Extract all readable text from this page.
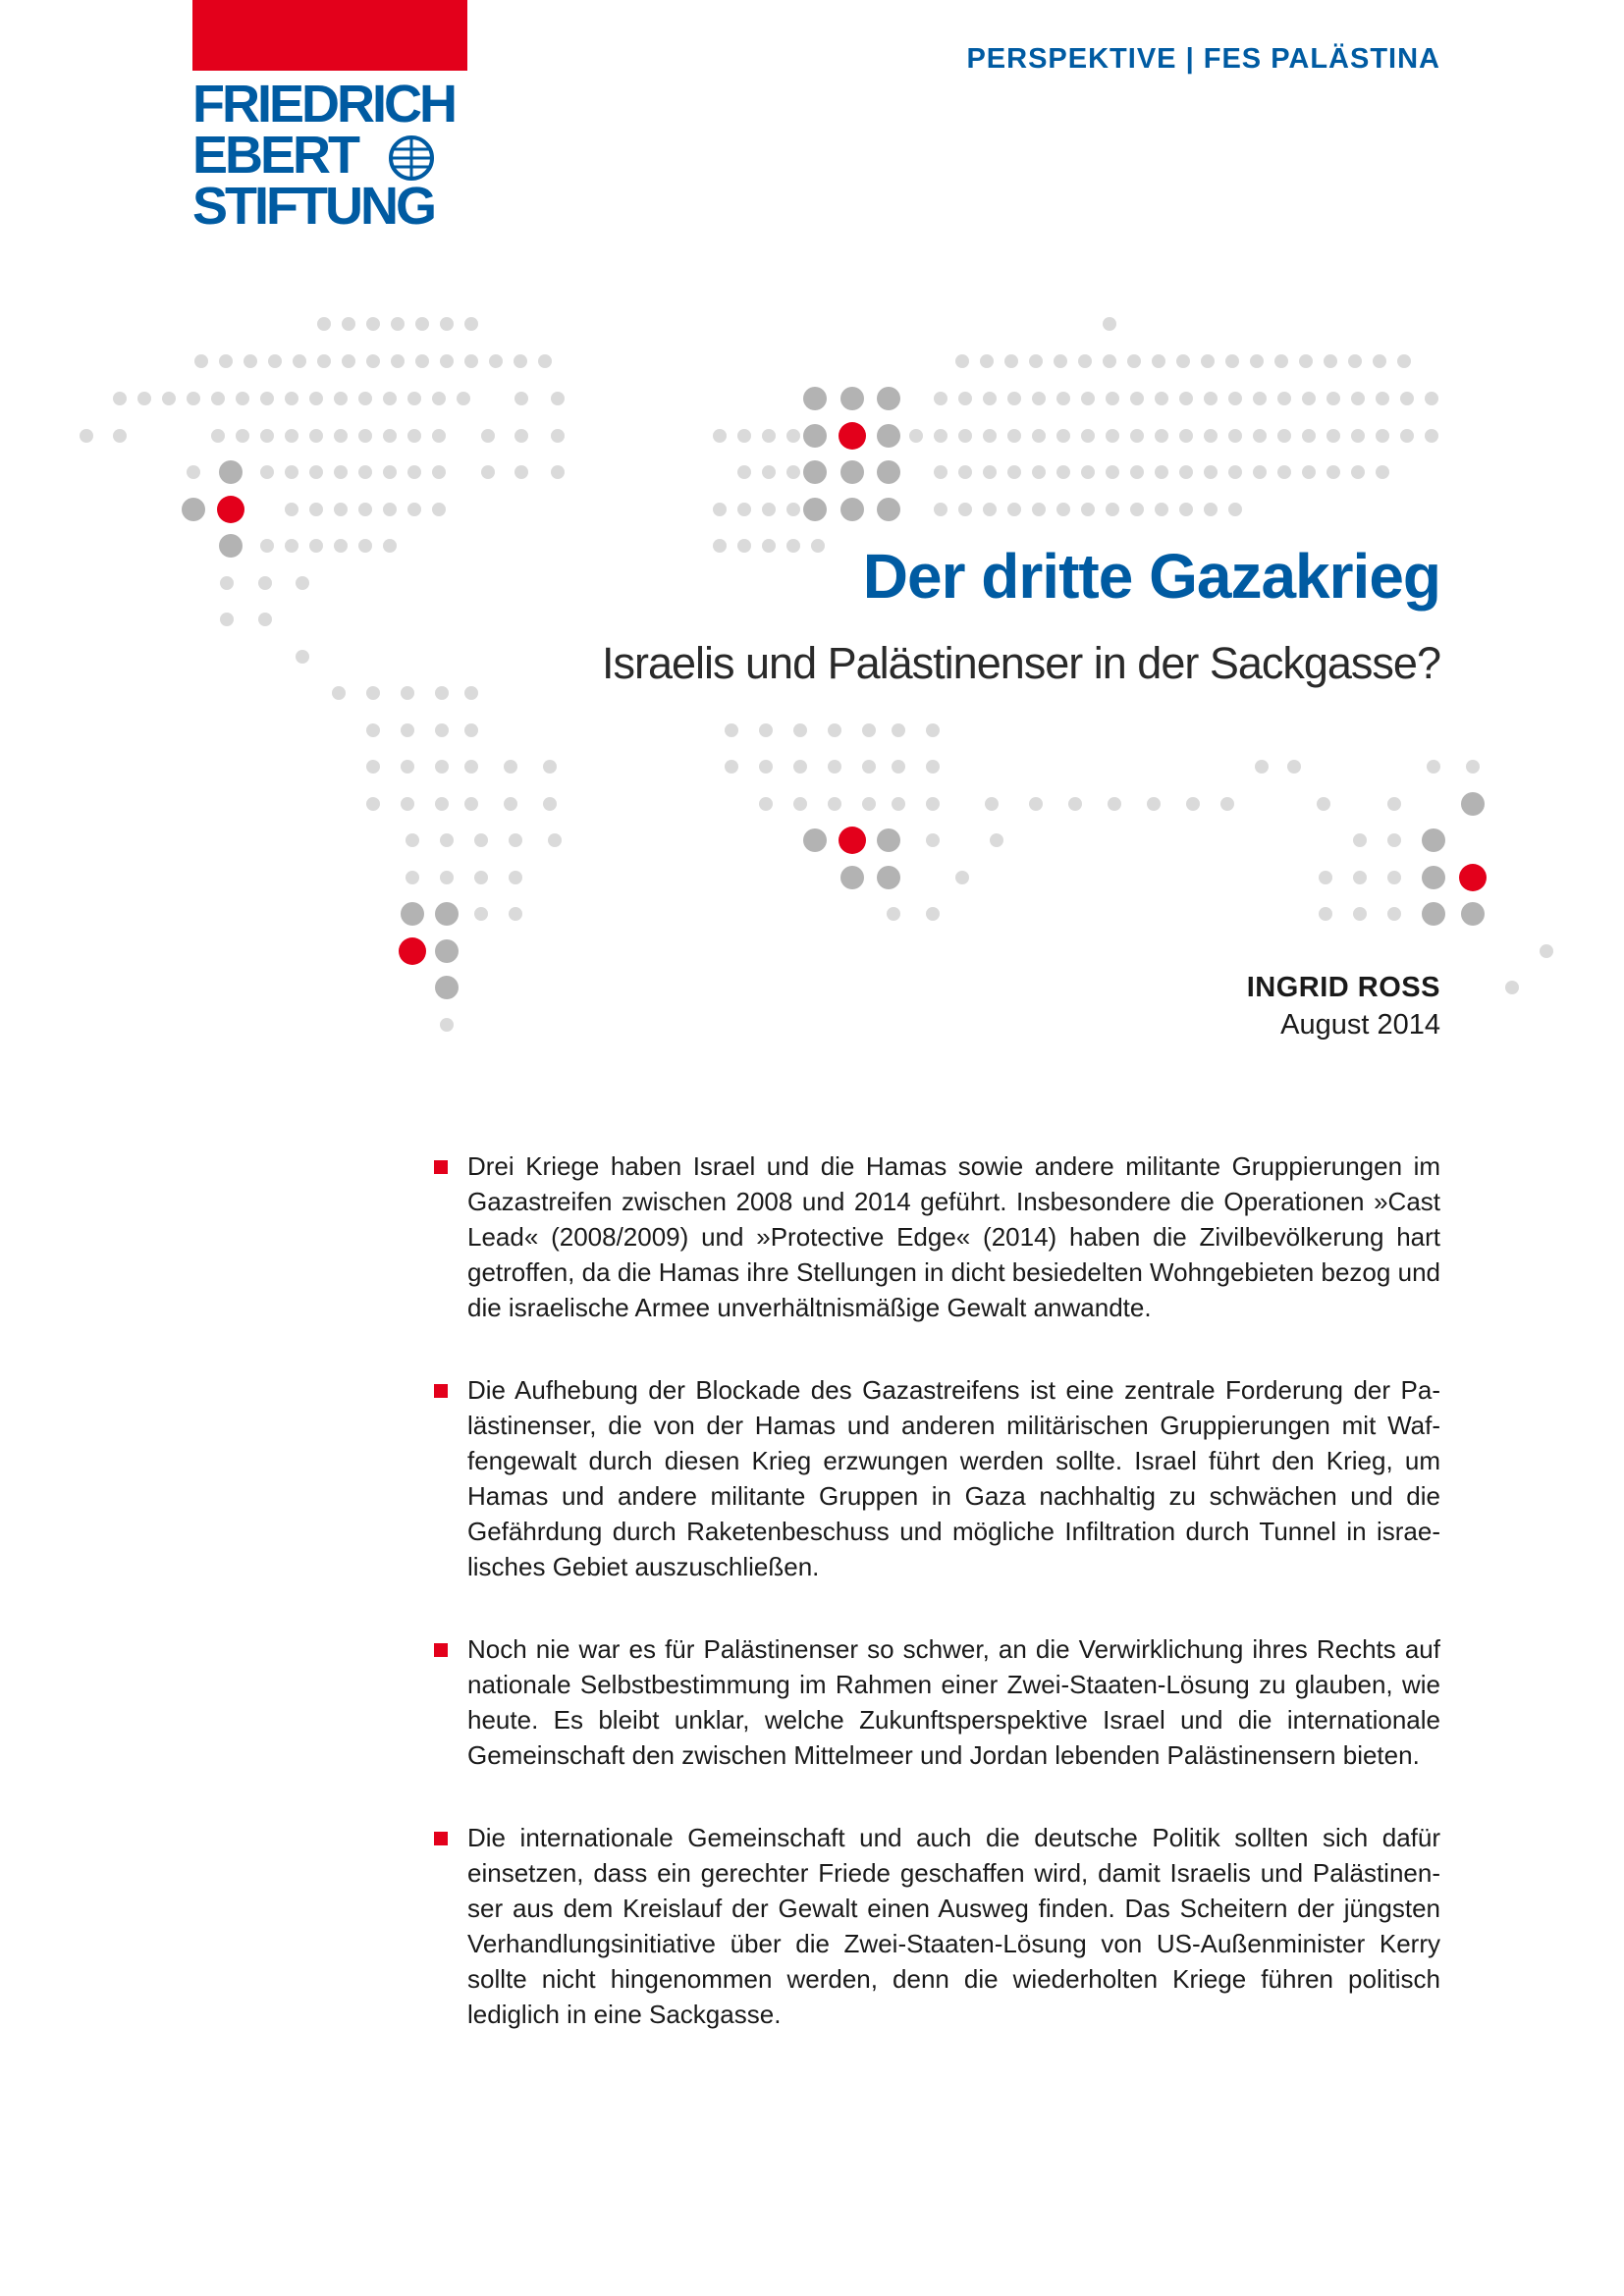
FRIEDRICH
EBERT
STIFTUNG

PERSPEKTIVE | FES PALÄSTINA
Der dritte Gazakrieg
Israelis und Palästinenser in der Sackgasse?
INGRID ROSS
August 2014
Drei Kriege haben Israel und die Hamas sowie andere militante Gruppierungen im Gazastreifen zwischen 2008 und 2014 geführt. Insbesondere die Operationen »Cast Lead« (2008/2009) und »Protective Edge« (2014) haben die Zivilbevölkerung hart getroffen, da die Hamas ihre Stellungen in dicht besiedelten Wohngebieten bezog und die israelische Armee unverhältnismäßige Gewalt anwandte.
Die Aufhebung der Blockade des Gazastreifens ist eine zentrale Forderung der Palästinenser, die von der Hamas und anderen militärischen Gruppierungen mit Waffengewalt durch diesen Krieg erzwungen werden sollte. Israel führt den Krieg, um Hamas und andere militante Gruppen in Gaza nachhaltig zu schwächen und die Gefährdung durch Raketenbeschuss und mögliche Infiltration durch Tunnel in israelisches Gebiet auszuschließen.
Noch nie war es für Palästinenser so schwer, an die Verwirklichung ihres Rechts auf nationale Selbstbestimmung im Rahmen einer Zwei-Staaten-Lösung zu glauben, wie heute. Es bleibt unklar, welche Zukunftsperspektive Israel und die internationale Gemeinschaft den zwischen Mittelmeer und Jordan lebenden Palästinensern bieten.
Die internationale Gemeinschaft und auch die deutsche Politik sollten sich dafür einsetzen, dass ein gerechter Friede geschaffen wird, damit Israelis und Palästinenser aus dem Kreislauf der Gewalt einen Ausweg finden. Das Scheitern der jüngsten Verhandlungsinitiative über die Zwei-Staaten-Lösung von US-Außenminister Kerry sollte nicht hingenommen werden, denn die wiederholten Kriege führen politisch lediglich in eine Sackgasse.
